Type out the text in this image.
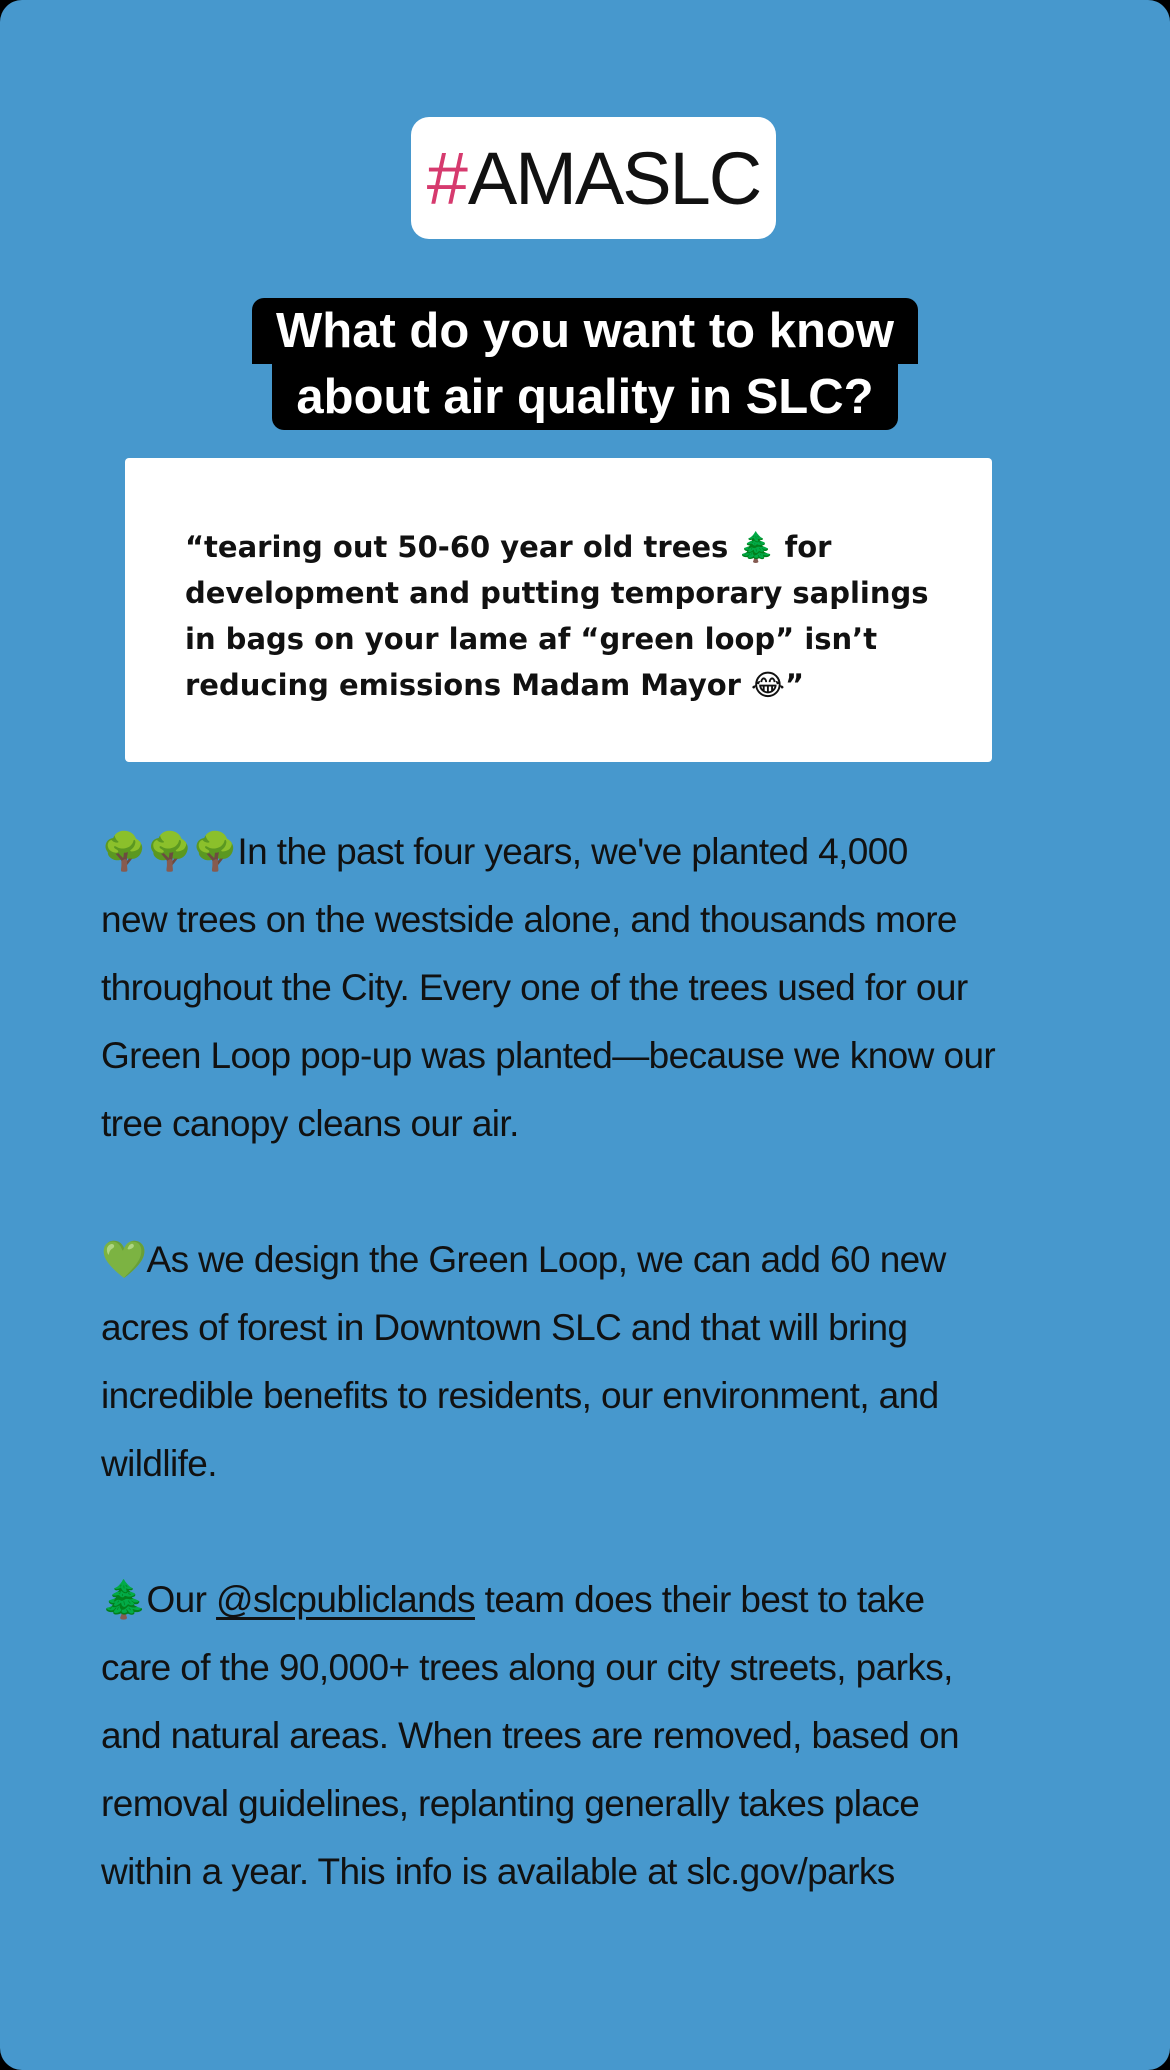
# AMASLC
What do you want to know
about air quality in SLC?
“tearing out 50-60 year old trees 🌲 for
development and putting temporary saplings
in bags on your lame af “green loop” isn’t
reducing emissions Madam Mayor 😂”

🌳🌳🌳In the past four years, we've planted 4,000
new trees on the westside alone, and thousands more
throughout the City. Every one of the trees used for our
Green Loop pop-up was planted—because we know our
tree canopy cleans our air.

💚As we design the Green Loop, we can add 60 new
acres of forest in Downtown SLC and that will bring
incredible benefits to residents, our environment, and
wildlife.

🌲Our @slcpubliclands team does their best to take
care of the 90,000+ trees along our city streets, parks,
and natural areas. When trees are removed, based on
removal guidelines, replanting generally takes place
within a year. This info is available at slc.gov/parks
